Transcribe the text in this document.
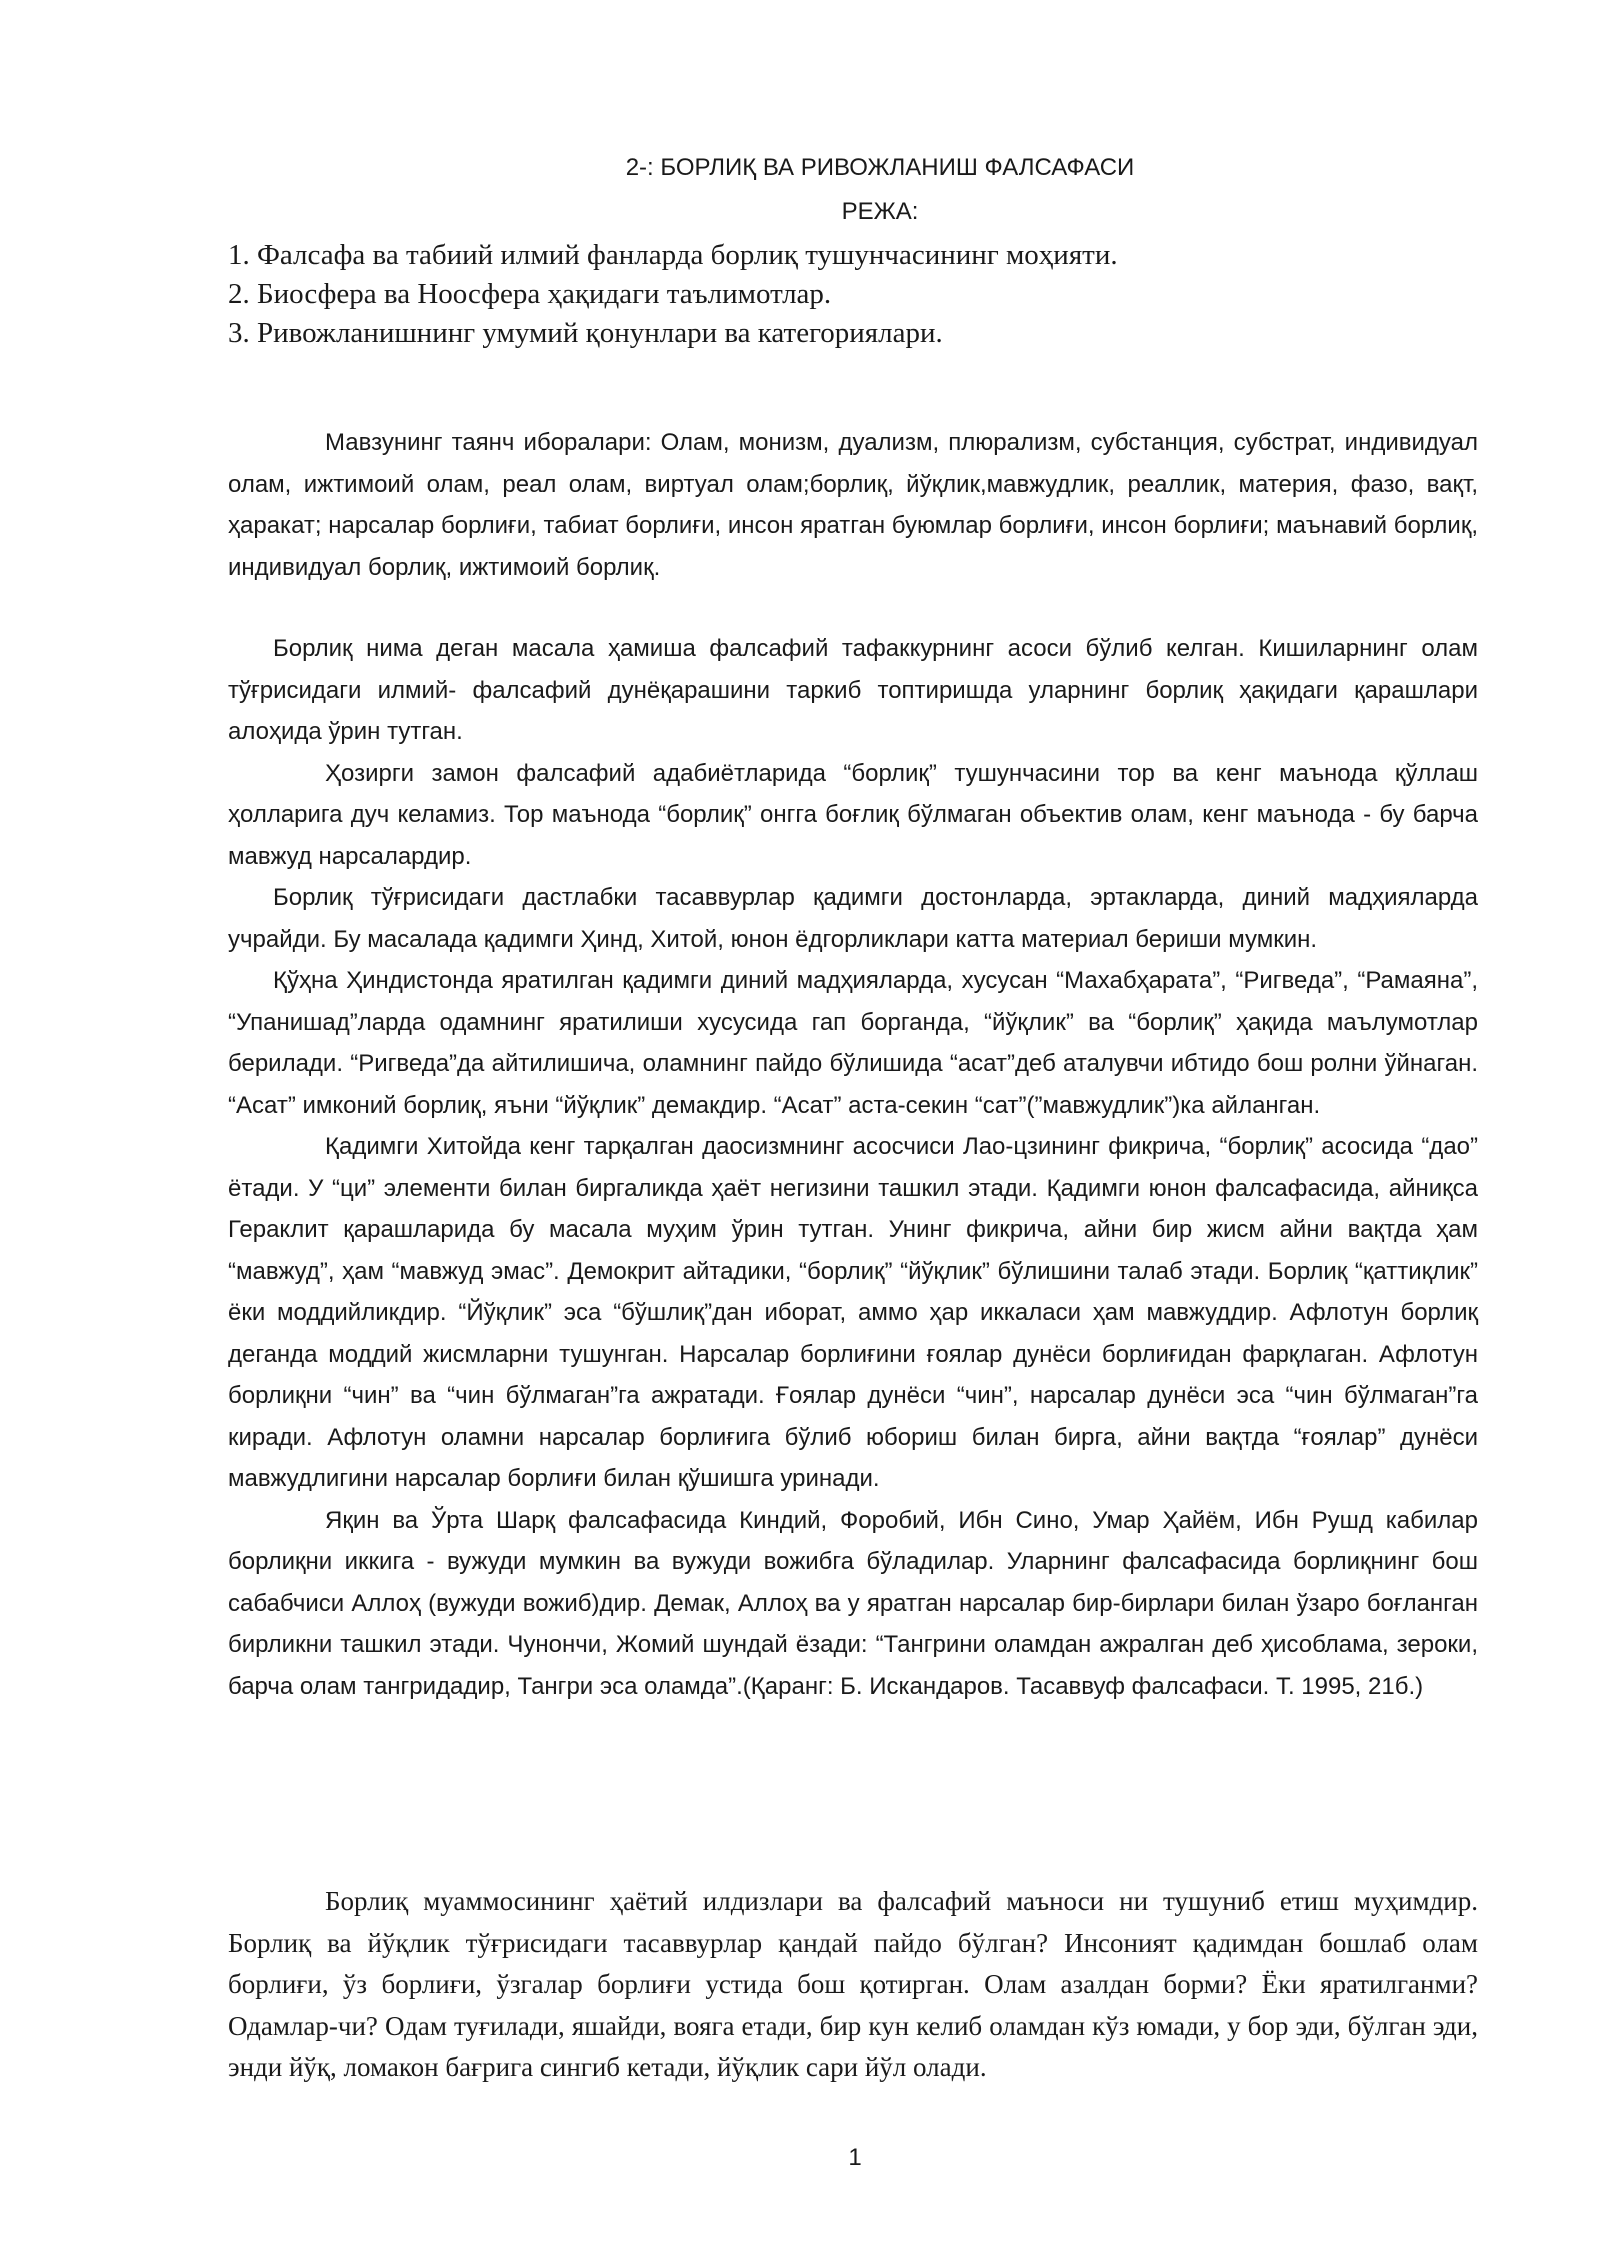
2-: БОРЛИҚ ВА РИВОЖЛАНИШ ФАЛСАФАСИ
РЕЖА:
1. Фалсафа ва табиий илмий фанларда борлиқ тушунчасининг моҳияти.
2. Биосфера ва Ноосфера ҳақидаги таълимотлар.
3. Ривожланишнинг умумий қонунлари ва категориялари.

Мавзунинг таянч иборалари: Олам, монизм, дуализм, плюрализм, субстанция, субстрат, индивидуал олам, ижтимоий олам, реал олам, виртуал олам;борлиқ, йўқлик,мавжудлик, реаллик, материя, фазо, вақт, ҳаракат; нарсалар борлиғи, табиат борлиғи, инсон яратган буюмлар борлиғи, инсон борлиғи; маънавий борлиқ, индивидуал борлиқ, ижтимоий борлиқ.

Борлиқ нима деган масала ҳамиша фалсафий тафаккурнинг асоси бўлиб келган. Кишиларнинг олам тўғрисидаги илмий- фалсафий дунёқарашини таркиб топтиришда уларнинг борлиқ ҳақидаги қарашлари алоҳида ўрин тутган.

Ҳозирги замон фалсафий адабиётларида “борлиқ” тушунчасини тор ва кенг маънода қўллаш ҳолларига дуч келамиз. Тор маънода “борлиқ” онгга боғлиқ бўлмаган объектив олам, кенг маънода - бу барча мавжуд нарсалардир.

Борлиқ тўғрисидаги дастлабки тасаввурлар қадимги достонларда, эртакларда, диний мадҳияларда учрайди. Бу масалада қадимги Ҳинд, Хитой, юнон ёдгорликлари катта материал бериши мумкин.

Қўҳна Ҳиндистонда яратилган қадимги диний мадҳияларда, хусусан “Махабҳарата”, “Ригведа”, “Рамаяна”, “Упанишад”ларда одамнинг яратилиши хусусида гап борганда, “йўқлик” ва “борлиқ” ҳақида маълумотлар берилади. “Ригведа”да айтилишича, оламнинг пайдо бўлишида “асат”деб аталувчи ибтидо бош ролни ўйнаган. “Асат” имконий борлиқ, яъни “йўқлик” демакдир. “Асат” аста-секин “сат”(”мавжудлик”)ка айланган.

Қадимги Хитойда кенг тарқалган даосизмнинг асосчиси Лао-цзининг фикрича, “борлиқ” асосида “дао” ётади. У “ци” элементи билан биргаликда ҳаёт негизини ташкил этади. Қадимги юнон фалсафасида, айниқса Гераклит қарашларида бу масала муҳим ўрин тутган. Унинг фикрича, айни бир жисм айни вақтда ҳам “мавжуд”, ҳам “мавжуд эмас”. Демокрит айтадики, “борлиқ” “йўқлик” бўлишини талаб этади. Борлиқ “қаттиқлик” ёки моддийликдир. “Йўқлик” эса “бўшлиқ”дан иборат, аммо ҳар иккаласи ҳам мавжуддир. Афлотун борлиқ деганда моддий жисмларни тушунган. Нарсалар борлиғини ғоялар дунёси борлиғидан фарқлаган. Афлотун борлиқни “чин” ва “чин бўлмаган”га ажратади. Ғоялар дунёси “чин”, нарсалар дунёси эса “чин бўлмаган”га киради. Афлотун оламни нарсалар борлиғига бўлиб юбориш билан бирга, айни вақтда “ғоялар” дунёси мавжудлигини нарсалар борлиғи билан қўшишга уринади.

Яқин ва Ўрта Шарқ фалсафасида Киндий, Форобий, Ибн Сино, Умар Ҳайём, Ибн Рушд кабилар борлиқни иккига - вужуди мумкин ва вужуди вожибга бўладилар. Уларнинг фалсафасида борлиқнинг бош сабабчиси Аллоҳ (вужуди вожиб)дир. Демак, Аллоҳ ва у яратган нарсалар бир-бирлари билан ўзаро боғланган бирликни ташкил этади. Чунончи, Жомий шундай ёзади: “Тангрини оламдан ажралган деб ҳисоблама, зероки, барча олам тангридадир, Тангри эса оламда”.(Қаранг: Б. Искандаров. Тасаввуф фалсафаси. Т. 1995, 21б.)

Борлиқ муаммосининг ҳаётий илдизлари ва фалсафий маъноси ни тушуниб етиш муҳимдир. Борлиқ ва йўқлик тўғрисидаги тасаввурлар қандай пайдо бўлган? Инсоният қадимдан бошлаб олам борлиғи, ўз борлиғи, ўзгалар борлиғи устида бош қотирган. Олам азалдан борми? Ёки яратилганми? Одамлар-чи? Одам туғилади, яшайди, вояга етади, бир кун келиб оламдан кўз юмади, у бор эди, бўлган эди, энди йўқ, ломакон бағрига сингиб кетади, йўқлик сари йўл олади.

1
